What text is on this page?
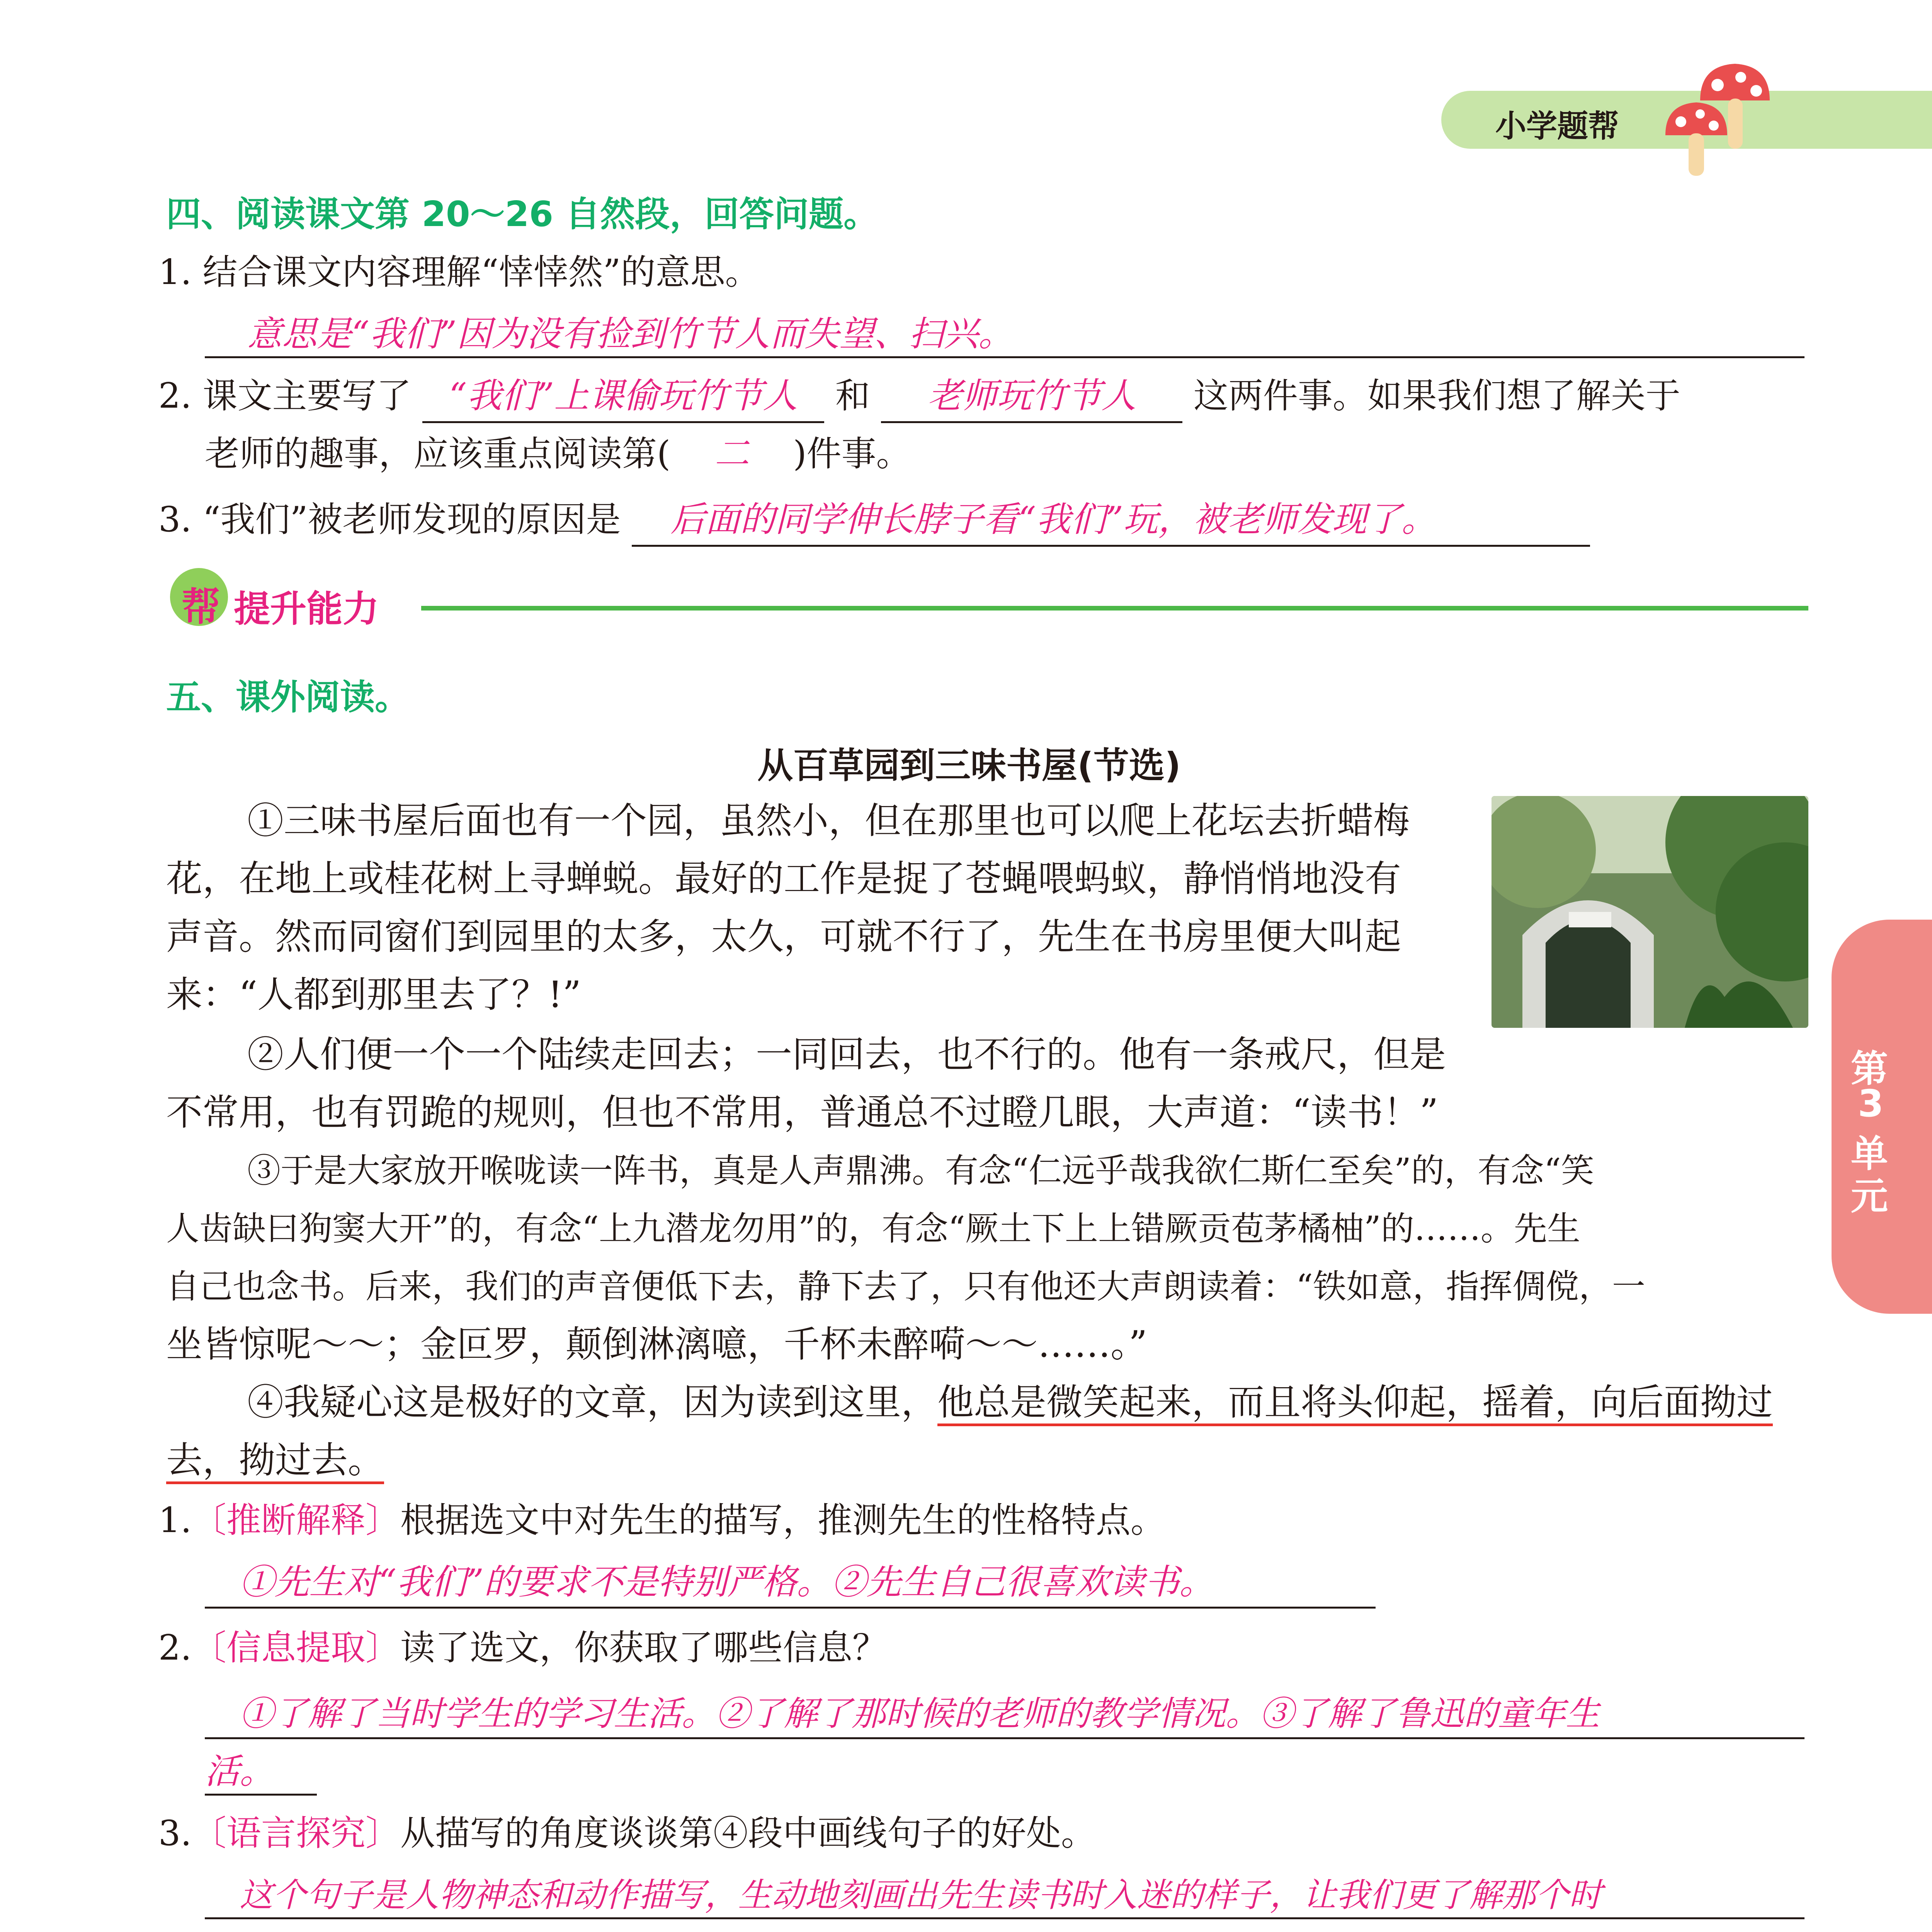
小学题帮
四、阅读课文第 20～26 自然段，回答问题。
1. 结合课文内容理解“悻悻然”的意思。
意思是“我们”因为没有捡到竹节人而失望、扫兴。
2. 课文主要写了 “我们”上课偷玩竹节人 和 老师玩竹节人 这两件事。如果我们想了解关于
老师的趣事，应该重点阅读第( 二 )件事。
3. “我们”被老师发现的原因是 后面的同学伸长脖子看“我们”玩，被老师发现了。
帮 提升能力
五、课外阅读。
从百草园到三味书屋(节选)
①三味书屋后面也有一个园，虽然小，但在那里也可以爬上花坛去折蜡梅
花，在地上或桂花树上寻蝉蜕。最好的工作是捉了苍蝇喂蚂蚁，静悄悄地没有
声音。然而同窗们到园里的太多，太久，可就不行了，先生在书房里便大叫起
来：“人都到那里去了？!”
②人们便一个一个陆续走回去；一同回去，也不行的。他有一条戒尺，但是
不常用，也有罚跪的规则，但也不常用，普通总不过瞪几眼，大声道：“读书！”
③于是大家放开喉咙读一阵书，真是人声鼎沸。有念“仁远乎哉我欲仁斯仁至矣”的，有念“笑
人齿缺曰狗窦大开”的，有念“上九潜龙勿用”的，有念“厥土下上上错厥贡苞茅橘柚”的……。先生
自己也念书。后来，我们的声音便低下去，静下去了，只有他还大声朗读着：“铁如意，指挥倜傥，一
坐皆惊呢～～；金叵罗，颠倒淋漓噫，千杯未醉嗬～～……。”
④我疑心这是极好的文章，因为读到这里，他总是微笑起来，而且将头仰起，摇着，向后面拗过
去，拗过去。
1.〔推断解释〕根据选文中对先生的描写，推测先生的性格特点。
①先生对“我们”的要求不是特别严格。②先生自己很喜欢读书。
2.〔信息提取〕读了选文，你获取了哪些信息？
①了解了当时学生的学习生活。②了解了那时候的老师的教学情况。③了解了鲁迅的童年生
活。
3.〔语言探究〕从描写的角度谈谈第④段中画线句子的好处。
这个句子是人物神态和动作描写，生动地刻画出先生读书时入迷的样子，让我们更了解那个时
第
3
单
元
